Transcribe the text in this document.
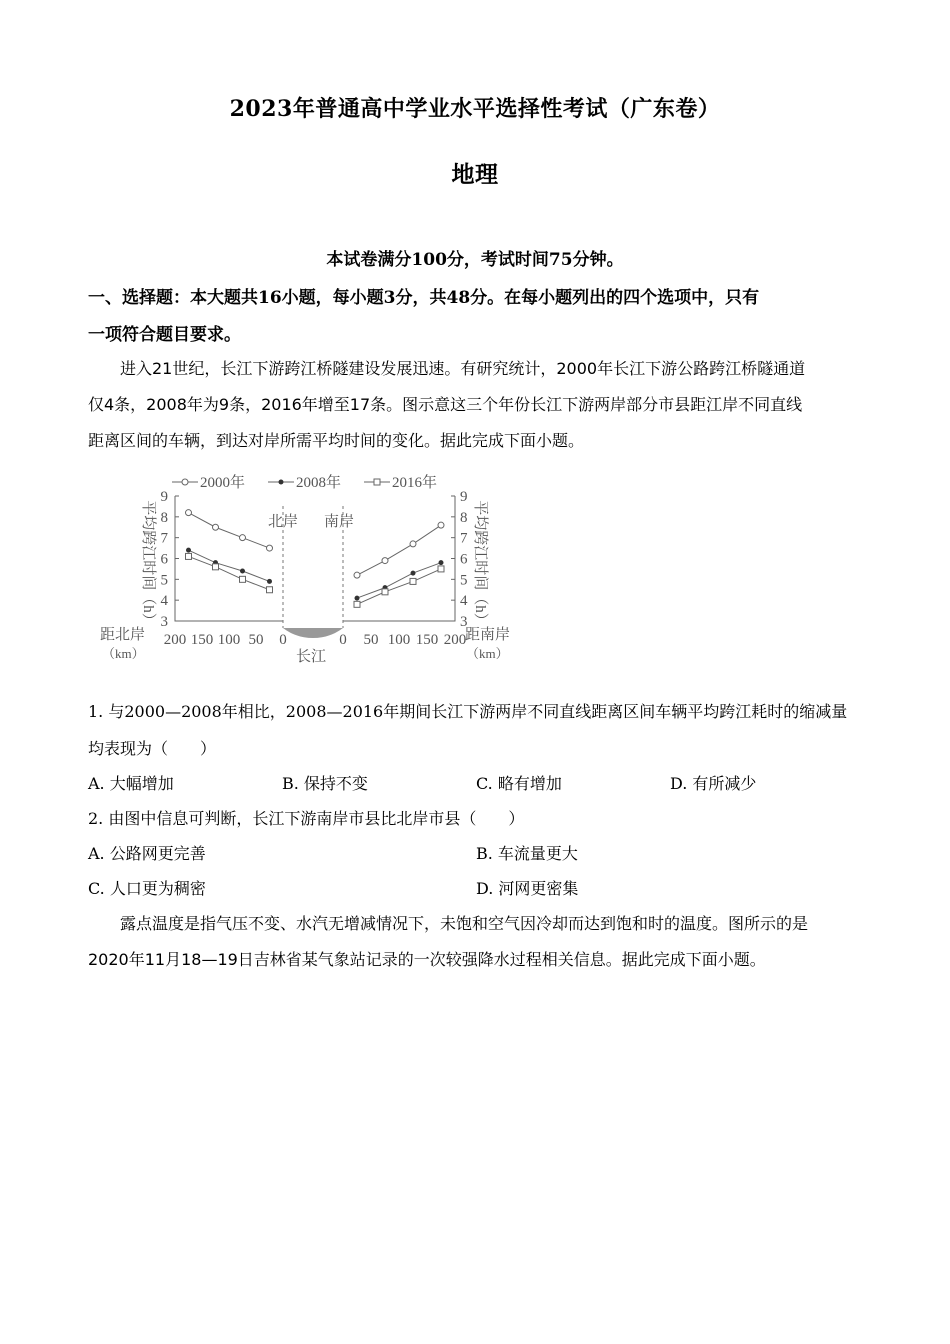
2023年普通高中学业水平选择性考试（广东卷）
地理
本试卷满分100分，考试时间75分钟。
一、选择题：本大题共16小题，每小题3分，共48分。在每小题列出的四个选项中，只有
一项符合题目要求。
进入21世纪，长江下游跨江桥隧建设发展迅速。有研究统计，2000年长江下游公路跨江桥隧通道
仅4条，2008年为9条，2016年增至17条。图示意这三个年份长江下游两岸部分市县距江岸不同直线
距离区间的车辆，到达对岸所需平均时间的变化。据此完成下面小题。
2000年	2008年	2016年
北岸 南岸
长江
距北岸
（km）
距南岸
（km）
平均跨江时间（h）	平均跨江时间（h）
9
8
7
6
5
4
3
9
8
7
6
5
4
3
200 150 100 50 0	0 50 100 150 200
1. 与2000—2008年相比，2008—2016年期间长江下游两岸不同直线距离区间车辆平均跨江耗时的缩减量
均表现为（　　）
A. 大幅增加	B. 保持不变	C. 略有增加	D. 有所减少
2. 由图中信息可判断，长江下游南岸市县比北岸市县（　　）
A. 公路网更完善	B. 车流量更大
C. 人口更为稠密	D. 河网更密集
露点温度是指气压不变、水汽无增减情况下，未饱和空气因冷却而达到饱和时的温度。图所示的是
2020年11月18—19日吉林省某气象站记录的一次较强降水过程相关信息。据此完成下面小题。
